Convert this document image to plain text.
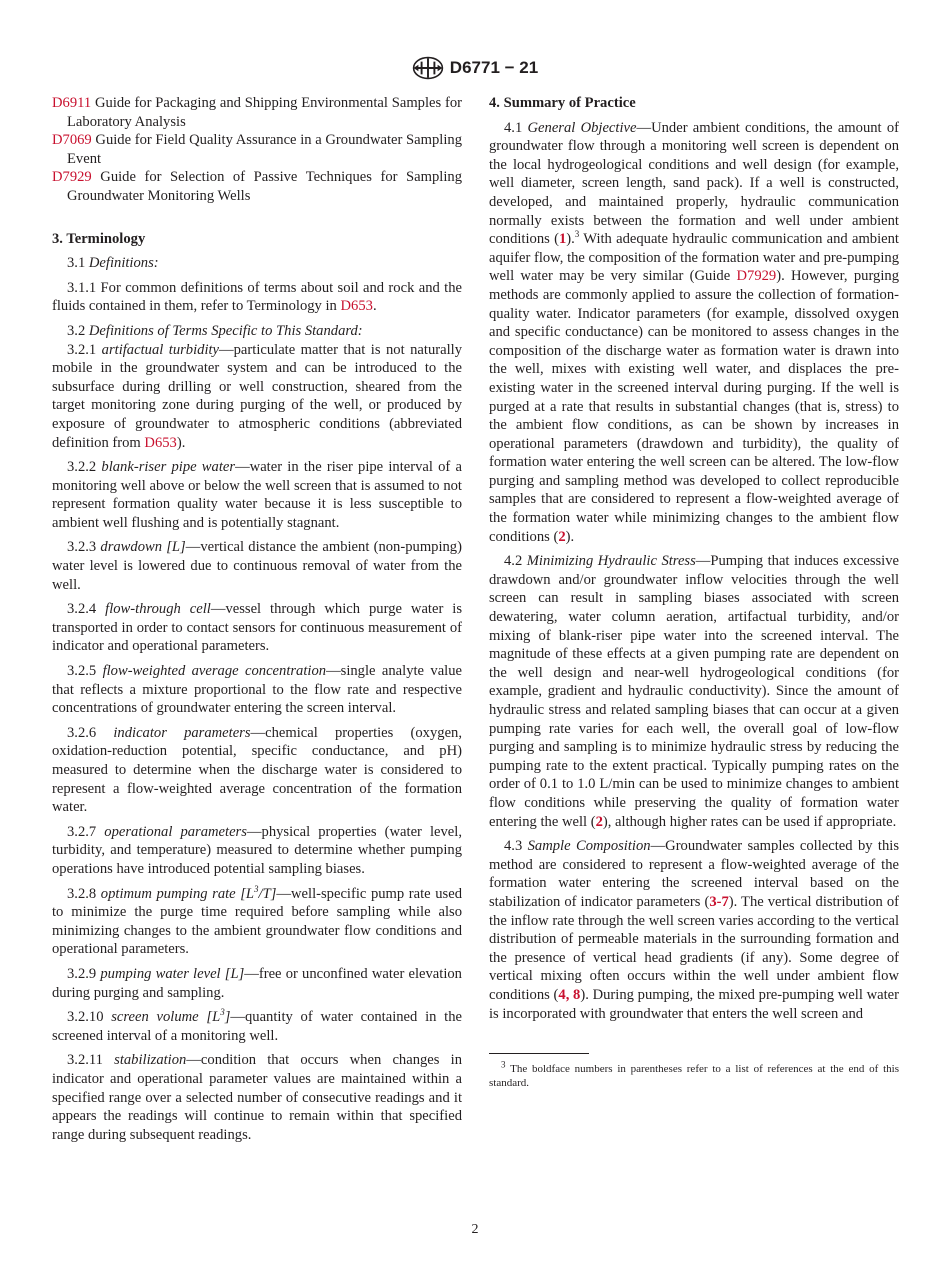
D6771 − 21

D6911 Guide for Packaging and Shipping Environmental Samples for Laboratory Analysis

D7069 Guide for Field Quality Assurance in a Groundwater Sampling Event

D7929 Guide for Selection of Passive Techniques for Sampling Groundwater Monitoring Wells

3. Terminology

3.1 Definitions:

3.1.1 For common definitions of terms about soil and rock and the fluids contained in them, refer to Terminology in D653.

3.2 Definitions of Terms Specific to This Standard:

3.2.1 artifactual turbidity—particulate matter that is not naturally mobile in the groundwater system and can be introduced to the subsurface during drilling or well construction, sheared from the target monitoring zone during purging of the well, or produced by exposure of groundwater to atmospheric conditions (abbreviated definition from D653).

3.2.2 blank-riser pipe water—water in the riser pipe interval of a monitoring well above or below the well screen that is assumed to not represent formation quality water because it is less susceptible to ambient well flushing and is potentially stagnant.

3.2.3 drawdown [L]—vertical distance the ambient (non-pumping) water level is lowered due to continuous removal of water from the well.

3.2.4 flow-through cell—vessel through which purge water is transported in order to contact sensors for continuous measurement of indicator and operational parameters.

3.2.5 flow-weighted average concentration—single analyte value that reflects a mixture proportional to the flow rate and respective concentrations of groundwater entering the screen interval.

3.2.6 indicator parameters—chemical properties (oxygen, oxidation-reduction potential, specific conductance, and pH) measured to determine when the discharge water is considered to represent a flow-weighted average concentration of the formation water.

3.2.7 operational parameters—physical properties (water level, turbidity, and temperature) measured to determine whether pumping operations have introduced potential sampling biases.

3.2.8 optimum pumping rate $[L^3/T]—well$-specific pump rate used to minimize the purge time required before sampling while also minimizing changes to the ambient groundwater flow conditions and operational parameters.

3.2.9 pumping water level [L]—free or unconfined water elevation during purging and sampling.

3.2.10 screen volume $[L^3]—quantity$ of water contained in the screened interval of a monitoring well.

3.2.11 stabilization—condition that occurs when changes in indicator and operational parameter values are maintained within a specified range over a selected number of consecutive readings and it appears the readings will continue to remain within that specified range during subsequent readings.

4. Summary of Practice

4.1 General Objective—Under ambient conditions, the amount of groundwater flow through a monitoring well screen is dependent on the local hydrogeological conditions and well design (for example, well diameter, screen length, sand pack). If a well is constructed, developed, and maintained properly, hydraulic communication normally exists between the formation and well under ambient conditions (1).$^3$ With adequate hydraulic communication and ambient aquifer flow, the composition of the formation water and pre-pumping well water may be very similar (Guide D7929). However, purging methods are commonly applied to assure the collection of formation-quality water. Indicator parameters (for example, dissolved oxygen and specific conductance) can be monitored to assess changes in the composition of the discharge water as formation water is drawn into the well, mixes with existing well water, and displaces the pre-existing water in the screened interval during purging. If the well is purged at a rate that results in substantial changes (that is, stress) to the ambient flow conditions, as can be shown by increases in operational parameters (drawdown and turbidity), the quality of formation water entering the well screen can be altered. The low-flow purging and sampling method was developed to collect reproducible samples that are considered to represent a flow-weighted average of the formation water while minimizing changes to the ambient flow conditions (2).

4.2 Minimizing Hydraulic Stress—Pumping that induces excessive drawdown and/or groundwater inflow velocities through the well screen can result in sampling biases associated with screen dewatering, water column aeration, artifactual turbidity, and/or mixing of blank-riser pipe water into the screened interval. The magnitude of these effects at a given pumping rate are dependent on the well design and near-well hydrogeological conditions (for example, gradient and hydraulic conductivity). Since the amount of hydraulic stress and related sampling biases that can occur at a given pumping rate varies for each well, the overall goal of low-flow purging and sampling is to minimize hydraulic stress by reducing the pumping rate to the extent practical. Typically pumping rates on the order of 0.1 to 1.0 L/min can be used to minimize changes to ambient flow conditions while preserving the quality of formation water entering the well (2), although higher rates can be used if appropriate.

4.3 Sample Composition—Groundwater samples collected by this method are considered to represent a flow-weighted average of the formation water entering the screened interval based on the stabilization of indicator parameters (3-7). The vertical distribution of the inflow rate through the well screen varies according to the vertical distribution of permeable materials in the surrounding formation and the presence of vertical head gradients (if any). Some degree of vertical mixing often occurs within the well under ambient flow conditions (4, 8). During pumping, the mixed pre-pumping well water is incorporated with groundwater that enters the well screen and

$^3$ The boldface numbers in parentheses refer to a list of references at the end of this standard.

2
